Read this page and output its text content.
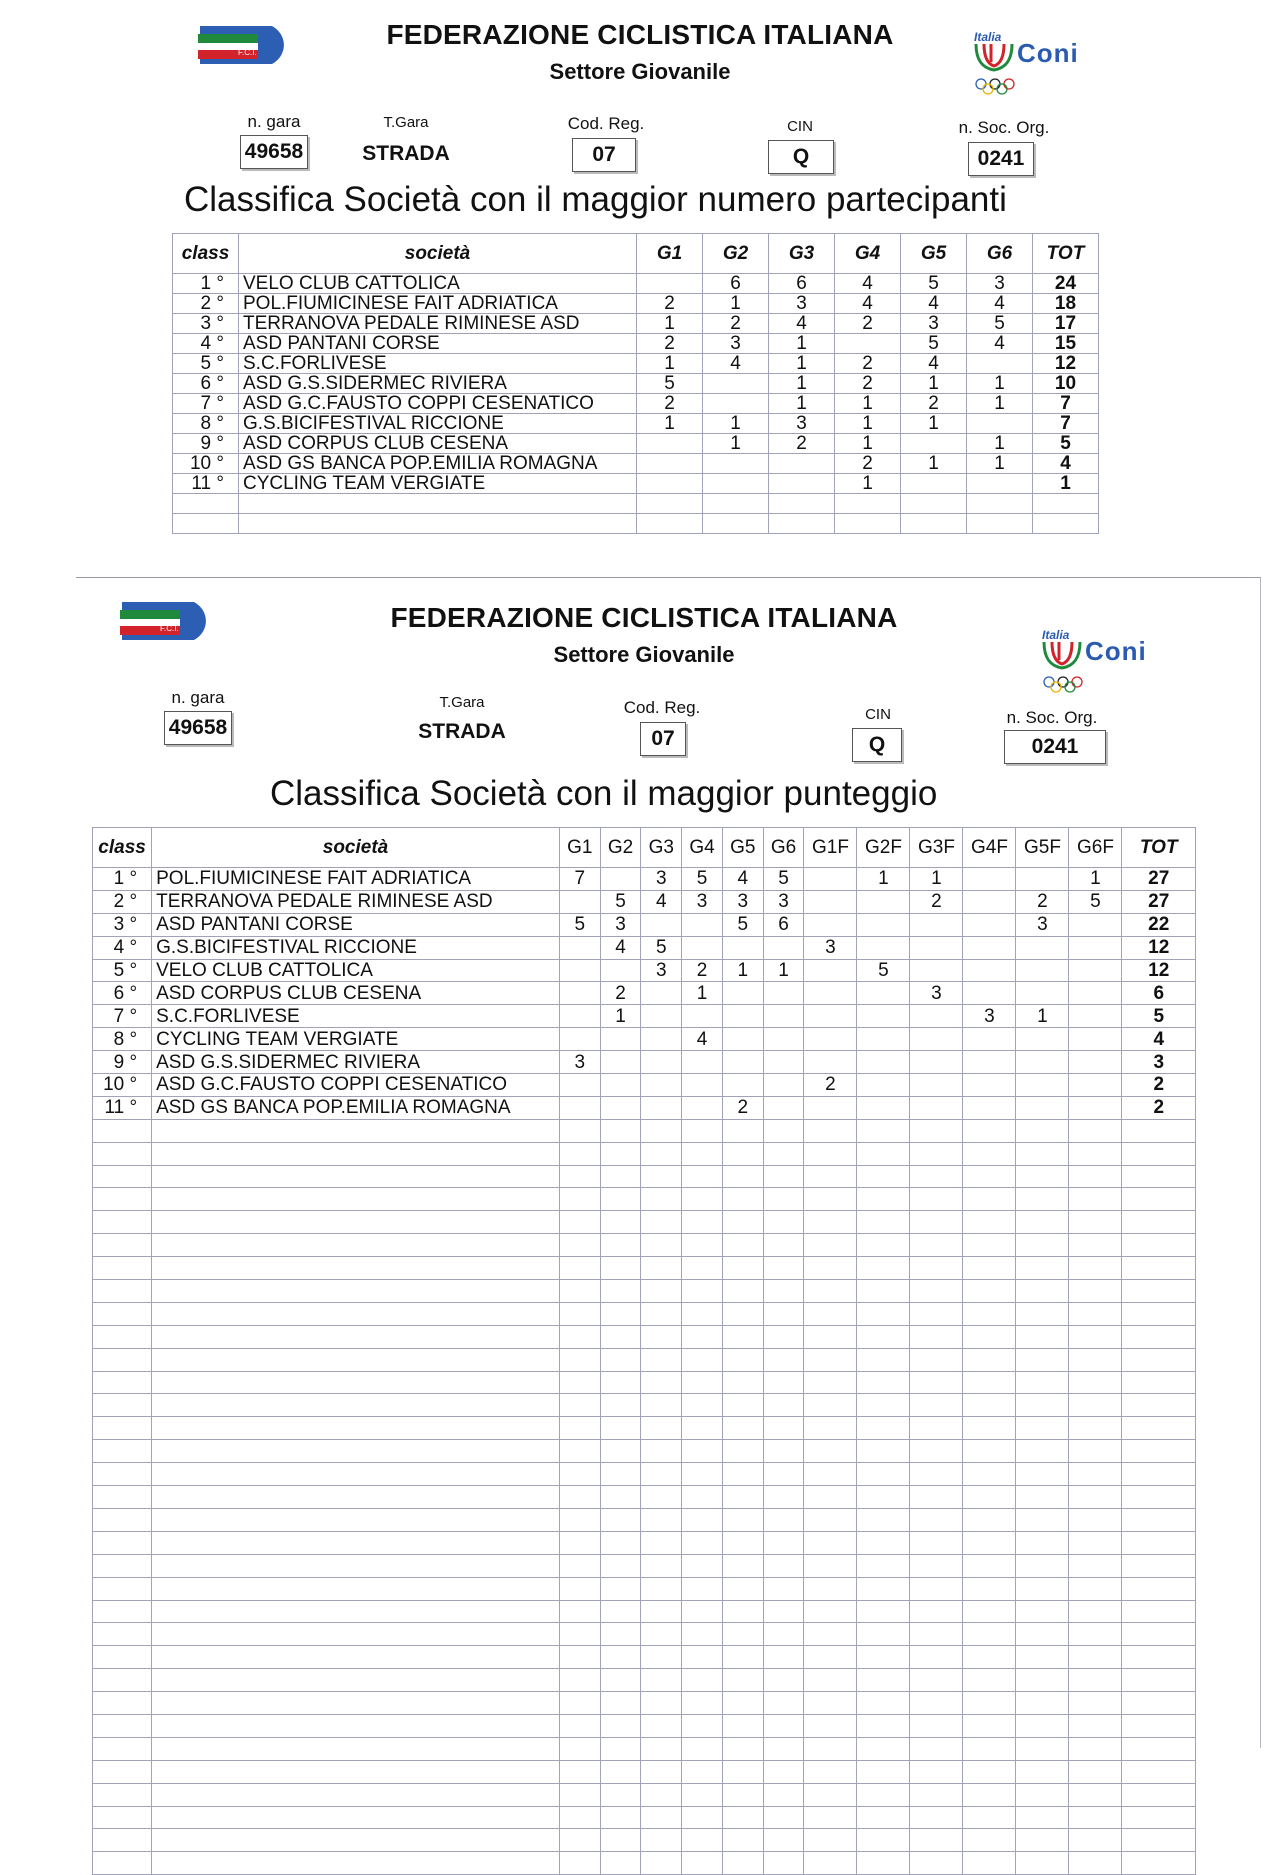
F.C.I.
FEDERAZIONE CICLISTICA ITALIANA
Settore Giovanile
Italia
Coni
n. gara
49658
T.Gara
STRADA
Cod. Reg.
07
CIN
Q
n. Soc. Org.
0241
Classifica Società con il maggior numero partecipanti
class	società	G1	G2	G3	G4	G5	G6	TOT
1 °	VELO CLUB CATTOLICA		6	6	4	5	3	24
2 °	POL.FIUMICINESE FAIT ADRIATICA	2	1	3	4	4	4	18
3 °	TERRANOVA PEDALE RIMINESE ASD	1	2	4	2	3	5	17
4 °	ASD PANTANI CORSE	2	3	1		5	4	15
5 °	S.C.FORLIVESE	1	4	1	2	4		12
6 °	ASD G.S.SIDERMEC RIVIERA	5		1	2	1	1	10
7 °	ASD G.C.FAUSTO COPPI CESENATICO	2		1	1	2	1	7
8 °	G.S.BICIFESTIVAL RICCIONE	1	1	3	1	1		7
9 °	ASD CORPUS CLUB CESENA		1	2	1		1	5
10 °	ASD GS BANCA POP.EMILIA ROMAGNA				2	1	1	4
11 °	CYCLING TEAM VERGIATE				1			1

F.C.I.	FEDERAZIONE CICLISTICA ITALIANA
Settore Giovanile
Italia
Coni
n. gara
49658
T.Gara
STRADA
Cod. Reg.
07
CIN
Q
n. Soc. Org.
0241
Classifica Società con il maggior punteggio
class	società	G1	G2	G3	G4	G5	G6	G1F	G2F	G3F	G4F	G5F	G6F	TOT
1 °	POL.FIUMICINESE FAIT ADRIATICA	7		3	5	4	5		1	1			1	27
2 °	TERRANOVA PEDALE RIMINESE ASD		5	4	3	3	3			2		2	5	27
3 °	ASD PANTANI CORSE	5	3			5	6					3		22
4 °	G.S.BICIFESTIVAL RICCIONE		4	5				3						12
5 °	VELO CLUB CATTOLICA			3	2	1	1		5					12
6 °	ASD CORPUS CLUB CESENA		2		1					3				6
7 °	S.C.FORLIVESE		1								3	1		5
8 °	CYCLING TEAM VERGIATE				4									4
9 °	ASD G.S.SIDERMEC RIVIERA	3												3
10 °	ASD G.C.FAUSTO COPPI CESENATICO							2						2
11 °	ASD GS BANCA POP.EMILIA ROMAGNA					2								2
